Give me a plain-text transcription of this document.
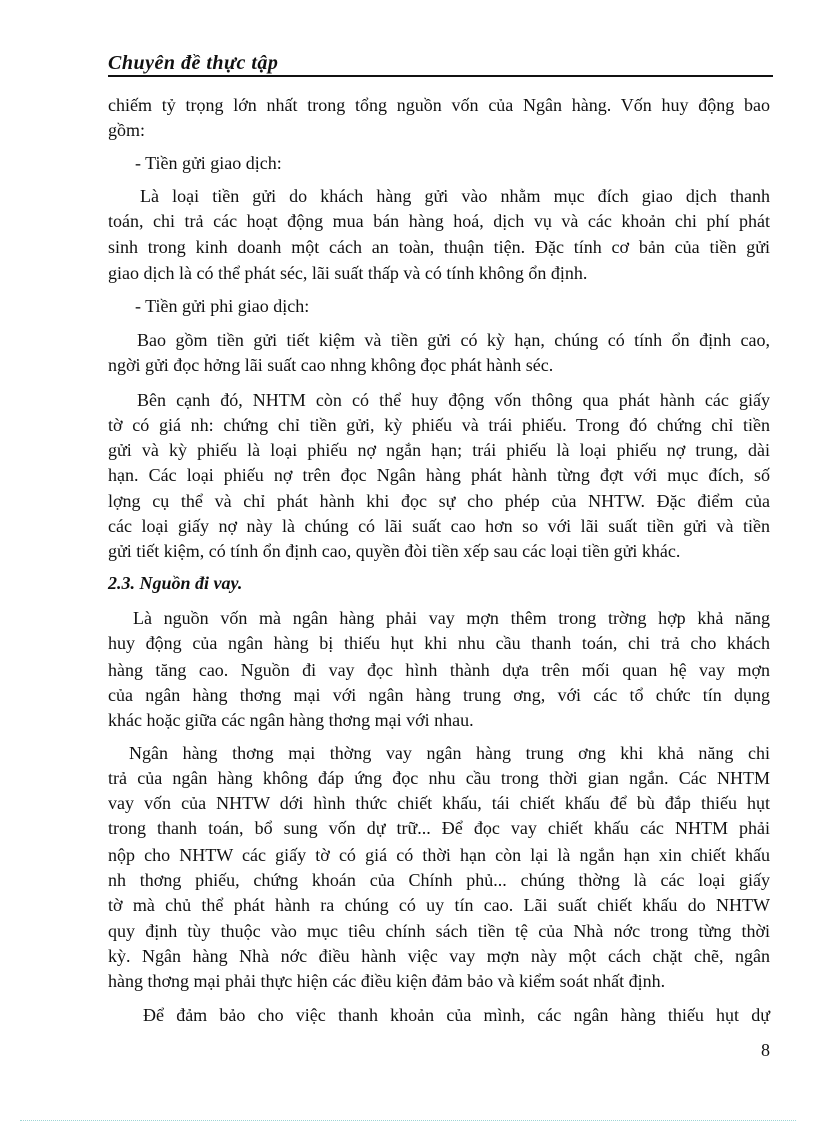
Chuyên đề thực tập
chiếm tỷ trọng lớn nhất trong tổng nguồn vốn của Ngân hàng. Vốn huy động bao
gồm:
- Tiền gửi giao dịch:
Là loại tiền gửi do khách hàng gửi vào nhằm mục đích giao dịch thanh
toán, chi trả các hoạt động mua bán hàng hoá, dịch vụ và các khoản chi phí phát
sinh trong kinh doanh một cách an toàn, thuận tiện. Đặc tính cơ bản của tiền gửi
giao dịch là có thể phát séc, lãi suất thấp và có tính không ổn định.
- Tiền gửi phi giao dịch:
Bao gồm tiền gửi tiết kiệm và tiền gửi có kỳ hạn, chúng có tính ổn định cao,
ngời gửi đọc hởng lãi suất cao nhng không đọc phát hành séc.
Bên cạnh đó, NHTM còn có thể huy động vốn thông qua phát hành các giấy
tờ có giá nh: chứng chỉ tiền gửi, kỳ phiếu và trái phiếu. Trong đó chứng chỉ tiền
gửi và kỳ phiếu là loại phiếu nợ ngắn hạn; trái phiếu là loại phiếu nợ trung, dài
hạn. Các loại phiếu nợ trên đọc Ngân hàng phát hành từng đợt với mục đích, số
lợng cụ thể và chỉ phát hành khi đọc sự cho phép của NHTW. Đặc điểm của
các loại giấy nợ này là chúng có lãi suất cao hơn so với lãi suất tiền gửi và tiền
gửi tiết kiệm, có tính ổn định cao, quyền đòi tiền xếp sau các loại tiền gửi khác.
2.3. Nguồn đi vay.
Là nguồn vốn mà ngân hàng phải vay mợn thêm trong trờng hợp khả năng
huy động của ngân hàng bị thiếu hụt khi nhu cầu thanh toán, chi trả cho khách
hàng tăng cao. Nguồn đi vay đọc hình thành dựa trên mối quan hệ vay mợn
của ngân hàng thơng mại với ngân hàng trung ơng, với các tổ chức tín dụng
khác hoặc giữa các ngân hàng thơng mại với nhau.
Ngân hàng thơng mại thờng vay ngân hàng trung ơng khi khả năng chi
trả của ngân hàng không đáp ứng đọc nhu cầu trong thời gian ngắn. Các NHTM
vay vốn của NHTW dới hình thức chiết khấu, tái chiết khấu để bù đắp thiếu hụt
trong thanh toán, bổ sung vốn dự trữ... Để đọc vay chiết khấu các NHTM phải
nộp cho NHTW các giấy tờ có giá có thời hạn còn lại là ngắn hạn xin chiết khấu
nh thơng phiếu, chứng khoán của Chính phủ... chúng thờng là các loại giấy
tờ mà chủ thể phát hành ra chúng có uy tín cao. Lãi suất chiết khấu do NHTW
quy định tùy thuộc vào mục tiêu chính sách tiền tệ của Nhà nớc trong từng thời
kỳ. Ngân hàng Nhà nớc điều hành việc vay mợn này một cách chặt chẽ, ngân
hàng thơng mại phải thực hiện các điều kiện đảm bảo và kiểm soát nhất định.
Để đảm bảo cho việc thanh khoản của mình, các ngân hàng thiếu hụt dự
8
